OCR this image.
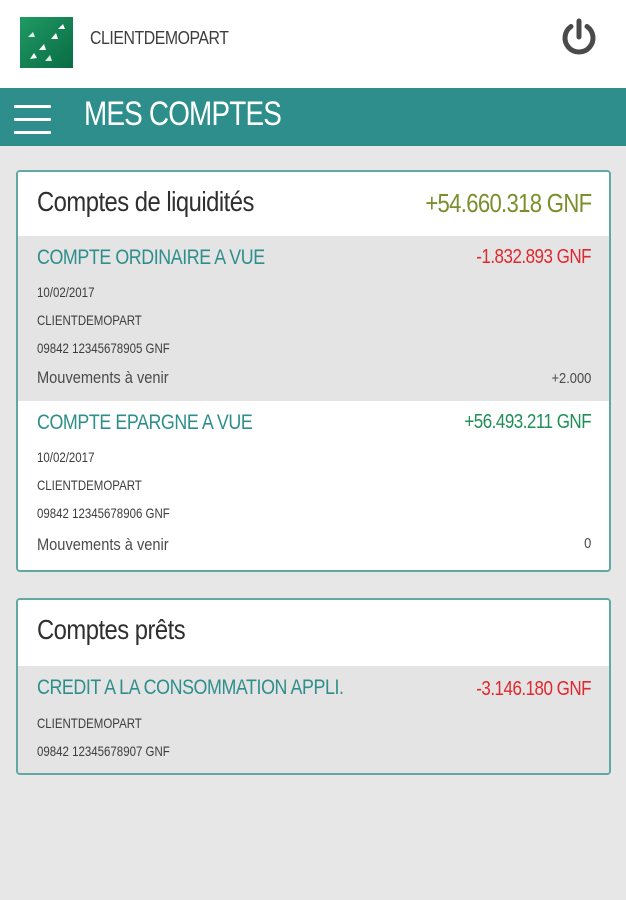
CLIENTDEMOPART
MES COMPTES
Comptes de liquidités	+54.660.318 GNF
COMPTE ORDINAIRE A VUE	-1.832.893 GNF
10/02/2017
CLIENTDEMOPART
09842 12345678905 GNF
Mouvements à venir	+2.000
COMPTE EPARGNE A VUE	+56.493.211 GNF
10/02/2017
CLIENTDEMOPART
09842 12345678906 GNF
Mouvements à venir	0
Comptes prêts
CREDIT A LA CONSOMMATION APPLI.	-3.146.180 GNF
CLIENTDEMOPART
09842 12345678907 GNF
